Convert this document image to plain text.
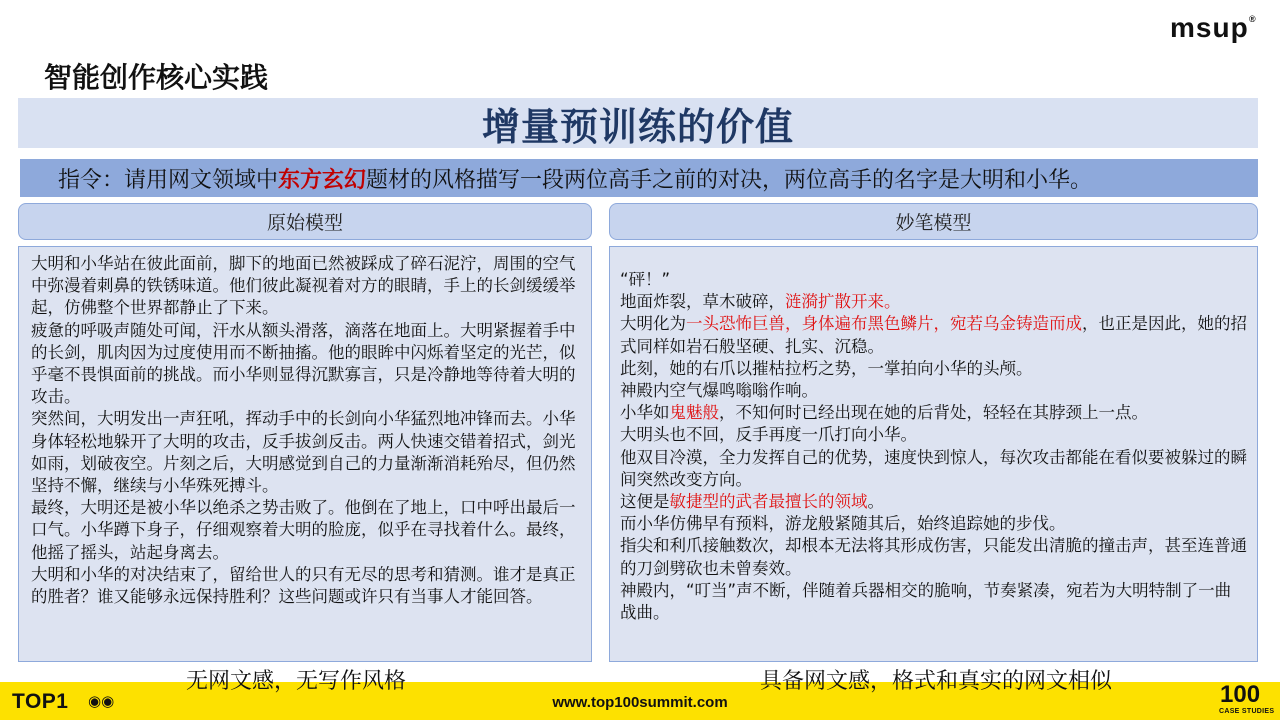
msup ®
智能创作核心实践
增量预训练的价值
指令：请用网文领域中 东方玄幻 题材的风格描写一段两位高手之前的对决，两位高手的名字是大明和小华。
原始模型	妙笔模型

大明和小华站在彼此面前，脚下的地面已然被踩成了碎石泥泞，周围的空气中弥漫着刺鼻的铁锈味道。他们彼此凝视着对方的眼睛，手上的长剑缓缓举起，仿佛整个世界都静止了下来。

疲惫的呼吸声随处可闻，汗水从额头滑落，滴落在地面上。大明紧握着手中的长剑，肌肉因为过度使用而不断抽搐。他的眼眸中闪烁着坚定的光芒，似乎毫不畏惧面前的挑战。而小华则显得沉默寡言，只是冷静地等待着大明的攻击。

突然间，大明发出一声狂吼，挥动手中的长剑向小华猛烈地冲锋而去。小华身体轻松地躲开了大明的攻击，反手拔剑反击。两人快速交错着招式，剑光如雨，划破夜空。片刻之后，大明感觉到自己的力量渐渐消耗殆尽，但仍然坚持不懈，继续与小华殊死搏斗。

最终，大明还是被小华以绝杀之势击败了。他倒在了地上，口中呼出最后一口气。小华蹲下身子，仔细观察着大明的脸庞，似乎在寻找着什么。最终，他摇了摇头，站起身离去。

大明和小华的对决结束了，留给世人的只有无尽的思考和猜测。谁才是真正的胜者？谁又能够永远保持胜利？这些问题或许只有当事人才能回答。

“砰！”

地面炸裂，草木破碎，涟漪扩散开来。

大明化为一头恐怖巨兽，身体遍布黑色鳞片，宛若乌金铸造而成，也正是因此，她的招式同样如岩石般坚硬、扎实、沉稳。

此刻，她的右爪以摧枯拉朽之势，一掌拍向小华的头颅。

神殿内空气爆鸣嗡嗡作响。

小华如鬼魅般，不知何时已经出现在她的后背处，轻轻在其脖颈上一点。

大明头也不回，反手再度一爪打向小华。

他双目冷漠，全力发挥自己的优势，速度快到惊人，每次攻击都能在看似要被躲过的瞬间突然改变方向。

这便是敏捷型的武者最擅长的领域。

而小华仿佛早有预料，游龙般紧随其后，始终追踪她的步伐。

指尖和利爪接触数次，却根本无法将其形成伤害，只能发出清脆的撞击声，甚至连普通的刀剑劈砍也未曾奏效。

神殿内，“叮当”声不断，伴随着兵器相交的脆响，节奏紧凑，宛若为大明特制了一曲战曲。

无网文感，无写作风格	具备网文感，格式和真实的网文相似
TOP1 ◉◉	www.top100summit.com	100
CASE STUDIES
